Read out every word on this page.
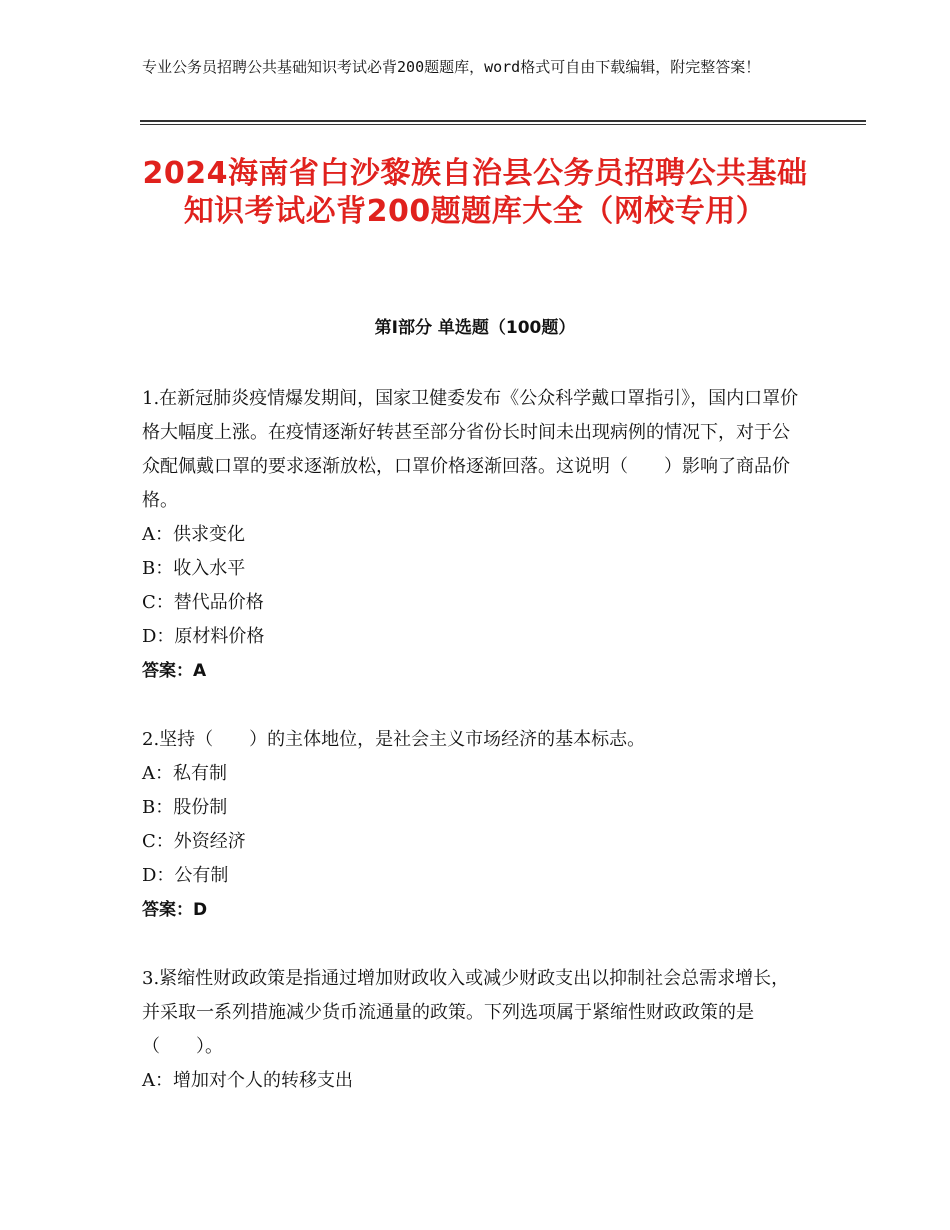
专业公务员招聘公共基础知识考试必背200题题库，word格式可自由下载编辑，附完整答案！
2024海南省白沙黎族自治县公务员招聘公共基础知识考试必背200题题库大全（网校专用）
第Ⅰ部分 单选题（100题）

1.在新冠肺炎疫情爆发期间，国家卫健委发布《公众科学戴口罩指引》，国内口罩价格大幅度上涨。在疫情逐渐好转甚至部分省份长时间未出现病例的情况下，对于公众配佩戴口罩的要求逐渐放松，口罩价格逐渐回落。这说明（　　）影响了商品价格。

A：供求变化

B：收入水平

C：替代品价格

D：原材料价格

答案：A

2.坚持（　　）的主体地位，是社会主义市场经济的基本标志。

A：私有制

B：股份制

C：外资经济

D：公有制

答案：D

3.紧缩性财政政策是指通过增加财政收入或减少财政支出以抑制社会总需求增长，并采取一系列措施减少货币流通量的政策。下列选项属于紧缩性财政政策的是（　　）。

A：增加对个人的转移支出
